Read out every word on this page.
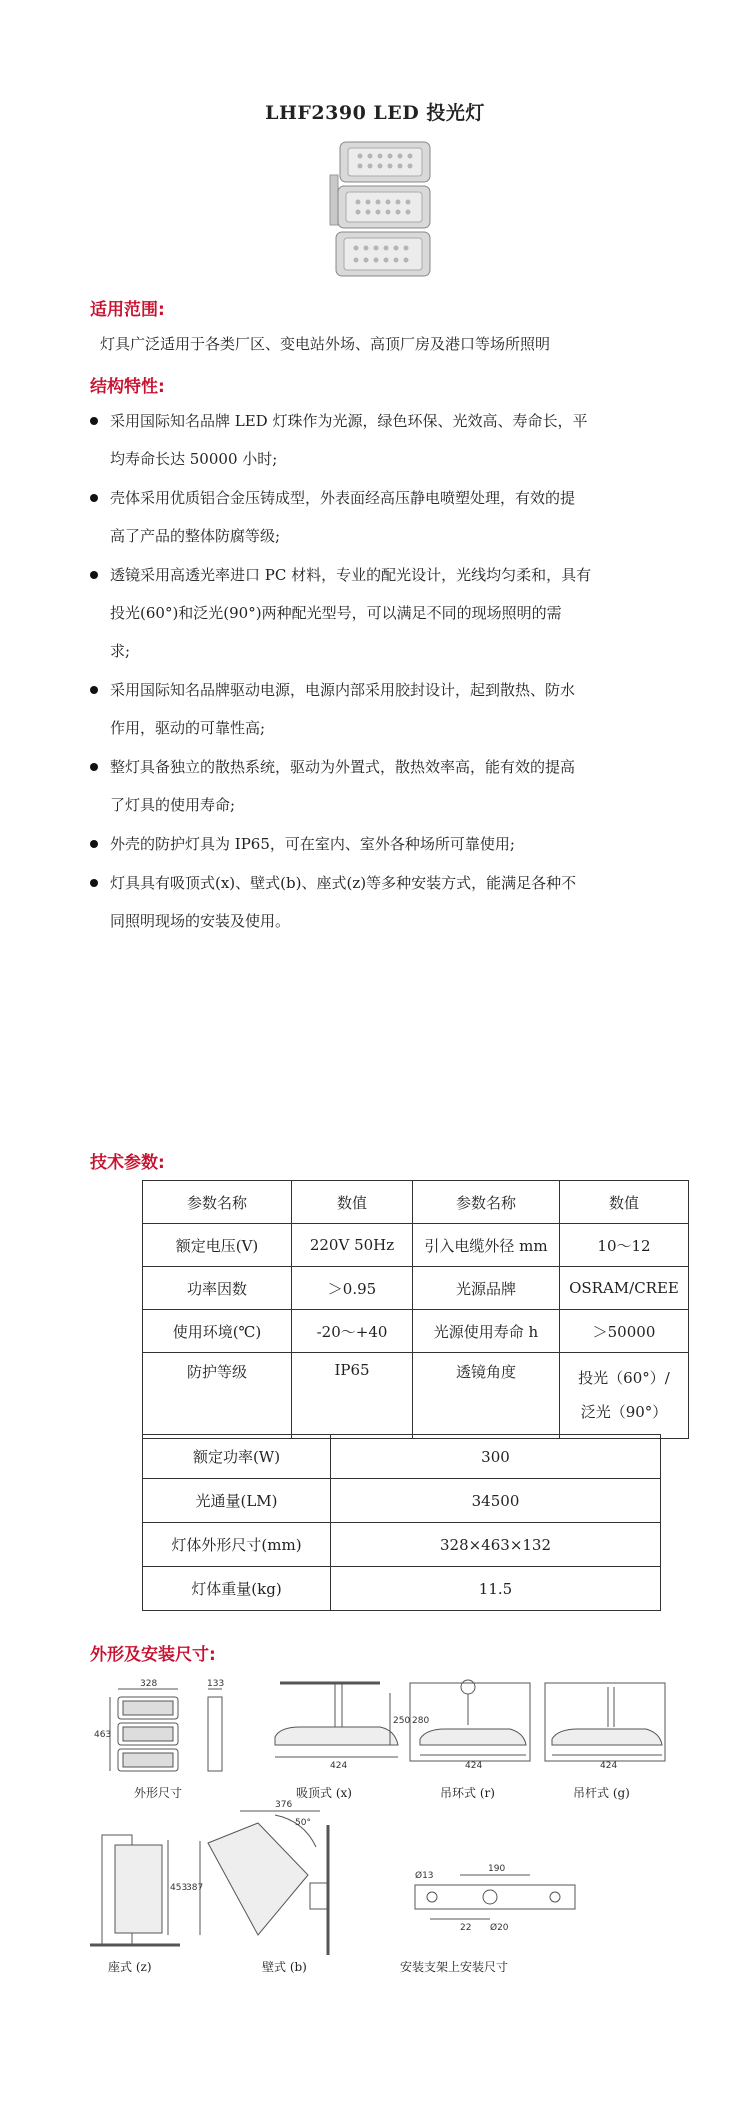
LHF2390 LED 投光灯
适用范围:
灯具广泛适用于各类厂区、变电站外场、高顶厂房及港口等场所照明
结构特性:
采用国际知名品牌 LED 灯珠作为光源，绿色环保、光效高、寿命长，平
均寿命长达 50000 小时;
壳体采用优质铝合金压铸成型，外表面经高压静电喷塑处理，有效的提
高了产品的整体防腐等级;
透镜采用高透光率进口 PC 材料，专业的配光设计，光线均匀柔和，具有
投光(60°)和泛光(90°)两种配光型号，可以满足不同的现场照明的需
求;
采用国际知名品牌驱动电源，电源内部采用胶封设计，起到散热、防水
作用，驱动的可靠性高;
整灯具备独立的散热系统，驱动为外置式，散热效率高，能有效的提高
了灯具的使用寿命;
外壳的防护灯具为 IP65，可在室内、室外各种场所可靠使用;
灯具具有吸顶式(x)、壁式(b)、座式(z)等多种安装方式，能满足各种不
同照明现场的安装及使用。
技术参数:
参数名称	数值	参数名称	数值
额定电压(V)	220V 50Hz	引入电缆外径 mm	10～12
功率因数	＞0.95	光源品牌	OSRAM/CREE
使用环境(℃)	-20～+40	光源使用寿命 h	＞50000
防护等级	IP65	透镜角度	投光（60°）/
泛光（90°）
额定功率(W)	300
光通量(LM)	34500
灯体外形尺寸(mm)	328×463×132
灯体重量(kg)	11.5
外形及安装尺寸:
328
463
133
424
250 280
424	424
453
376
50°
387
Ø13
190
22 Ø20
外形尺寸	吸顶式 (x)	吊环式 (r)	吊杆式 (g)
座式 (z)	壁式 (b)	安装支架上安装尺寸
